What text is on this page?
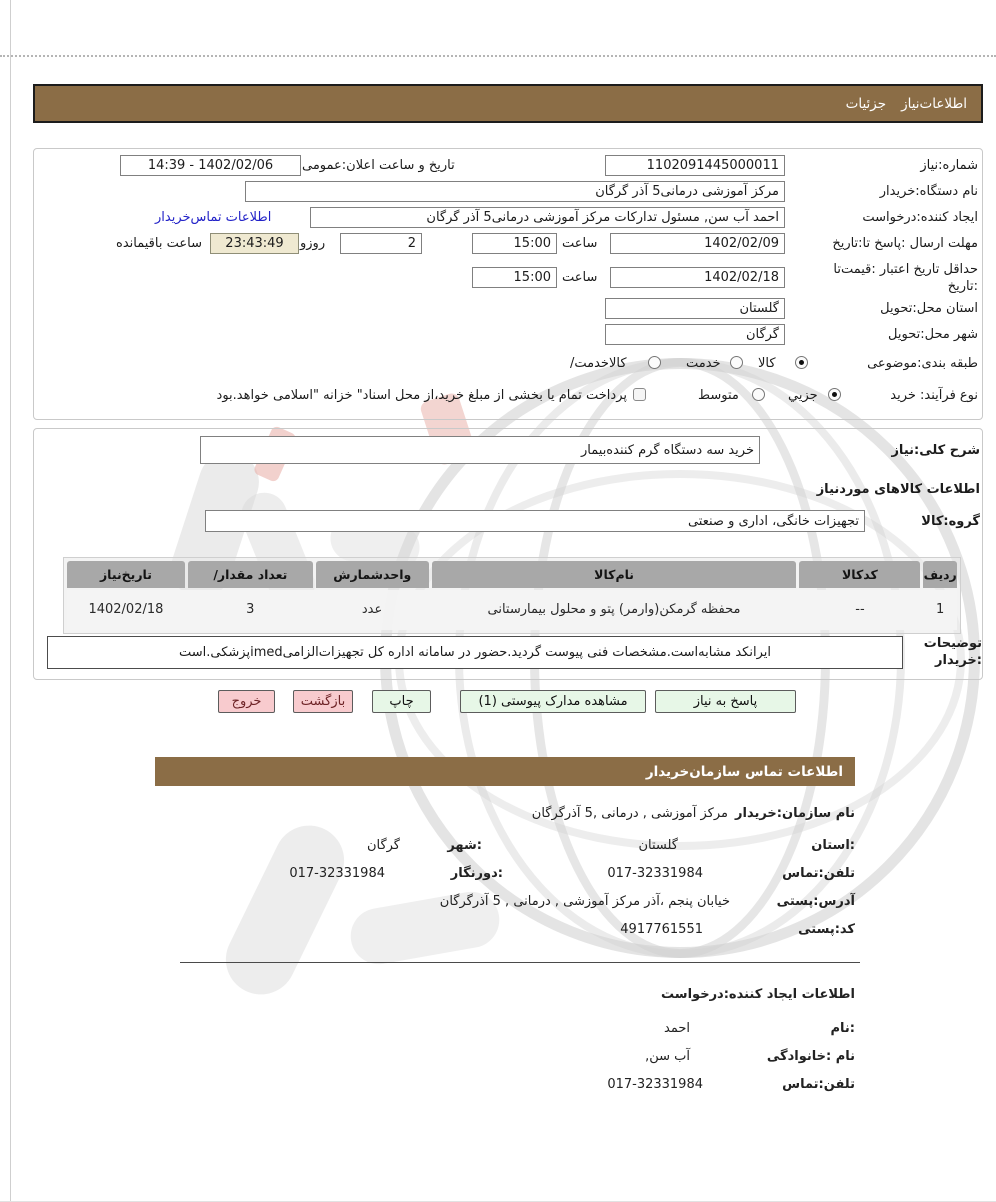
اطلاعات‌نیاز
جزئیات
شماره:نیاز
1102091445000011
تاریخ و ساعت اعلان:عمومی
14:39 - 1402/02/06
نام دستگاه:خریدار
مرکز آموزشی درمانی5 آذر گرگان
ایجاد کننده:درخواست
احمد آب سن, مسئول تدارکات مرکز آموزشی درمانی5 آذر گرگان
اطلاعات تماس‌خریدار
مهلت ارسال :پاسخ تا:تاریخ
1402/02/09
ساعت
15:00
2
روزو
23:43:49
ساعت باقیمانده
حداقل تاریخ اعتبار :قیمت‌تا
:تاریخ
1402/02/18
ساعت
15:00
استان محل:تحویل
گلستان
شهر محل:تحویل
گرگان
طبقه بندی:موضوعی
کالا
خدمت
کالاخدمت/
نوع فرآیند: خرید
جزیي
متوسط
پرداخت تمام یا بخشی از مبلغ خرید،از محل اسناد" خزانه "اسلامی خواهد.بود
شرح کلی:نیاز
خرید سه دستگاه گرم کننده‌بیمار
اطلاعات کالاهای موردنیاز
گروه:کالا
تجهیزات خانگی، اداری و صنعتی
ردیف
کدکالا
نام‌کالا
واحدشمارش
تعداد مقدار/
تاریخ‌نیاز
1
--
محفظه گرمکن(وارمر) پتو و محلول بیمارستانی
عدد
3
1402/02/18
توضیحات
:خریدار
ایرانکد مشابه‌است.مشخصات فنی پیوست گردید.حضور در سامانه اداره کل تجهیزات‌الزامیimedپزشکی.است
پاسخ به نیاز
مشاهده مدارک پیوستی (1)
چاپ
بازگشت
خروج
اطلاعات تماس سازمان‌خریدار
نام سازمان:خریدار
مرکز آموزشی , درمانی ,5 آذرگرگان
:استان
گلستان
:شهر
گرگان
تلفن:تماس
017-32331984
:دورنگار
017-32331984
آدرس:پستی
خیابان پنجم ،آذر مرکز آموزشی , درمانی , 5 آذرگرگان
کد:پستی
4917761551
اطلاعات ایجاد کننده:درخواست
:نام
احمد
نام :خانوادگی
آب سن,
تلفن:تماس
017-32331984
